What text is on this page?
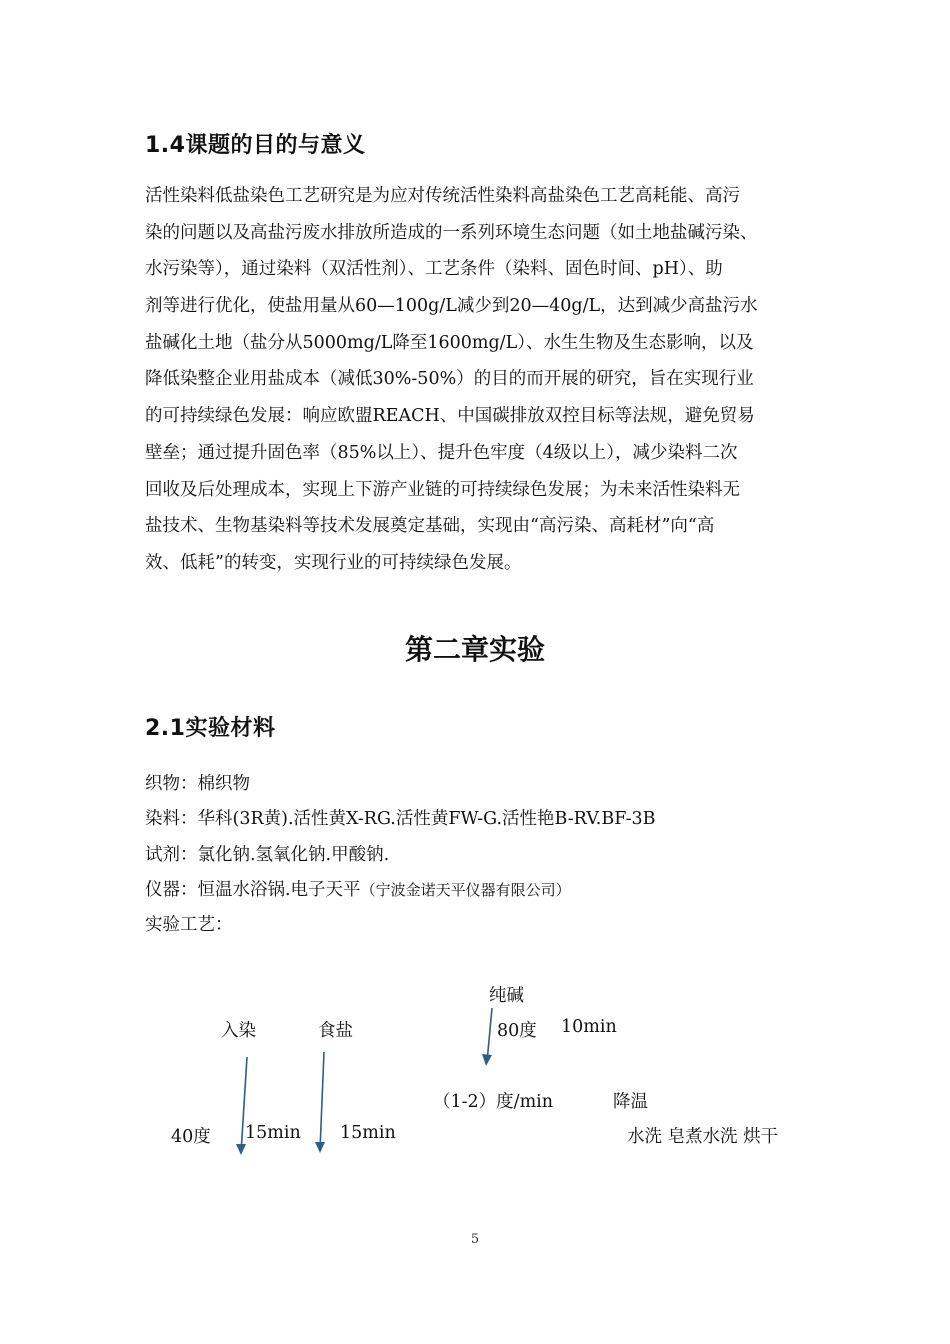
1.4课题的目的与意义
活性染料低盐染色工艺研究是为应对传统活性染料高盐染色工艺高耗能、高污
染的问题以及高盐污废水排放所造成的一系列环境生态问题（如土地盐碱污染、
水污染等），通过染料（双活性剂）、工艺条件（染料、固色时间、pH）、助
剂等进行优化，使盐用量从60—100g/L减少到20—40g/L，达到减少高盐污水
盐碱化土地（盐分从5000mg/L降至1600mg/L）、水生生物及生态影响，以及
降低染整企业用盐成本（减低30%-50%）的目的而开展的研究，旨在实现行业
的可持续绿色发展：响应欧盟REACH、中国碳排放双控目标等法规，避免贸易
壁垒；通过提升固色率（85%以上）、提升色牢度（4级以上），减少染料二次
回收及后处理成本，实现上下游产业链的可持续绿色发展；为未来活性染料无
盐技术、生物基染料等技术发展奠定基础，实现由“高污染、高耗材”向“高
效、低耗”的转变，实现行业的可持续绿色发展。
第二章实验
2.1实验材料
织物：棉织物
染料：华科(3R黄).活性黄X-RG.活性黄FW-G.活性艳B-RV.BF-3B
试剂：氯化钠.氢氧化钠.甲酸钠.
仪器：恒温水浴锅.电子天平（宁波金诺天平仪器有限公司）
实验工艺：
纯碱
入染	食盐	80度 10min
（1-2）度/min	降温
40度 15min 15min	水洗 皂煮水洗 烘干
5
